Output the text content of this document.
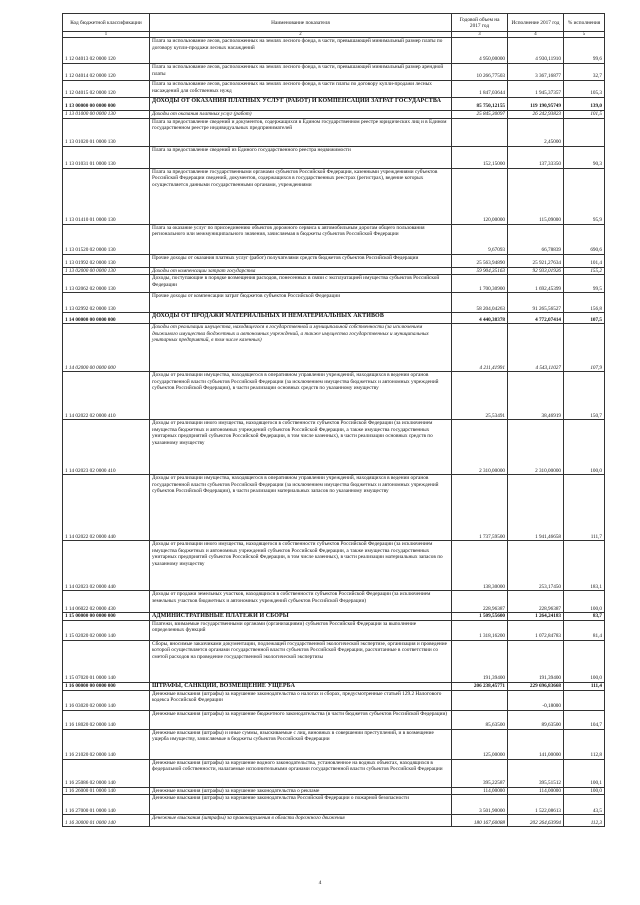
Код бюджетной классификации	Наименование показателя	Годовой объем на 2017 год	Исполнение 2017 год	% исполнения
1	2	3	4	5
1 12 04013 02 0000 120	Плата за использование лесов, расположенных на землях лесного фонда, в части, превышающей минимальный размер платы по договору купли-продажи лесных насаждений	4 950,00000	4 930,11910	99,6
1 12 04014 02 0000 120	Плата за использование лесов, расположенных на землях лесного фонда, в части, превышающей минимальный размер арендной платы	10 266,77503	3 367,16877	32,7
1 12 04015 02 0000 120	Плата за использование лесов, расположенных на землях лесного фонда, в части платы по договору купли-продажи лесных насаждений для собственных нужд	1 847,03644	1 945,37357	105,3
1 13 00000 00 0000 000	ДОХОДЫ ОТ ОКАЗАНИЯ ПЛАТНЫХ УСЛУГ (РАБОТ) И КОМПЕНСАЦИИ ЗАТРАТ ГОСУДАРСТВА	85 750,12155	119 190,95749	139,0
1 13 01000 00 0000 130	Доходы от оказания платных услуг (работ)	25 845,30097	26 242,93823	101,5
1 13 01020 01 0000 130	Плата за предоставление сведений и документов, содержащихся в Едином государственном реестре юридических лиц и в Едином государственном реестре индивидуальных предпринимателей		2,45000	
1 13 01031 01 0000 130	Плата за предоставление сведений из Единого государственного реестра недвижимости	152,15000	137,33350	90,3
1 13 01410 01 0000 130	Плата за предоставление государственными органами субъектов Российской Федерации, казенными учреждениями субъектов Российской Федерации сведений, документов, содержащихся в государственных реестрах (регистрах), ведение которых осуществляется данными государственными органами, учреждениями	120,00000	115,09000	95,9
1 13 01520 02 0000 130	Плата за оказание услуг по присоединению объектов дорожного сервиса к автомобильным дорогам общего пользования регионального или межмуниципального значения, зачисляемая в бюджеты субъектов Российской Федерации	9,67093	66,78839	690,6
1 13 01992 02 0000 130	Прочие доходы от оказания платных услуг (работ) получателями средств бюджетов субъектов Российской Федерации	25 563,94890	25 921,27634	101,4
1 13 02000 00 0000 130	Доходы от компенсации затрат государства	59 904,35163	92 933,01926	155,2
1 13 02062 02 0000 130	Доходы, поступающие в порядке возмещения расходов, понесенных в связи с эксплуатацией имущества субъектов Российской Федерации	1 700,30900	1 692,45399	99,5
1 13 02992 02 0000 130	Прочие доходы от компенсации затрат бюджетов субъектов Российской Федерации	58 204,04263	91 265,56527	156,8
1 14 00000 00 0000 000	ДОХОДЫ ОТ ПРОДАЖИ МАТЕРИАЛЬНЫХ И НЕМАТЕРИАЛЬНЫХ АКТИВОВ	4 440,38378	4 772,07414	107,5
1 14 02000 00 0000 000	Доходы от реализации имущества, находящегося в государственной и муниципальной собственности (за исключением движимого имущества бюджетных и автономных учреждений, а также имущества государственных и муниципальных унитарных предприятий, в том числе казенных)	4 211,41991	4 543,11027	107,9
1 14 02022 02 0000 410	Доходы от реализации имущества, находящегося в оперативном управлении учреждений, находящихся в ведении органов государственной власти субъектов Российской Федерации (за исключением имущества бюджетных и автономных учреждений субъектов Российской Федерации), в части реализации основных средств по указанному имуществу	25,53491	38,46919	150,7
1 14 02023 02 0000 410	Доходы от реализации иного имущества, находящегося в собственности субъектов Российской Федерации (за исключением имущества бюджетных и автономных учреждений субъектов Российской Федерации, а также имущества государственных унитарных предприятий субъектов Российской Федерации, в том числе казенных), в части реализации основных средств по указанному имуществу	2 310,00000	2 310,00000	100,0
1 14 02022 02 0000 440	Доходы от реализации имущества, находящегося в оперативном управлении учреждений, находящихся в ведении органов государственной власти субъектов Российской Федерации (за исключением имущества бюджетных и автономных учреждений субъектов Российской Федерации), в части реализации материальных запасов по указанному имуществу	1 737,59500	1 941,46658	111,7
1 14 02023 02 0000 440	Доходы от реализации иного имущества, находящегося в собственности субъектов Российской Федерации (за исключением имущества бюджетных и автономных учреждений субъектов Российской Федерации, а также имущества государственных унитарных предприятий субъектов Российской Федерации, в том числе казенных), в части реализации материальных запасов по указанному имуществу	138,30000	253,17450	183,1
1 14 06022 02 0000 430	Доходы от продажи земельных участков, находящихся в собственности субъектов Российской Федерации (за исключением земельных участков бюджетных и автономных учреждений субъектов Российской Федерации)	228,96387	228,96387	100,0
1 15 00000 00 0000 000	АДМИНИСТРАТИВНЫЕ ПЛАТЕЖИ И СБОРЫ	1 509,55600	1 264,24183	83,7
1 15 02020 02 0000 140	Платежи, взимаемые государственными органами (организациями) субъектов Российской Федерации за выполнение определенных функций	1 318,16200	1 072,84783	81,4
1 15 07020 01 0000 140	Сборы, вносимые заказчиками документации, подлежащей государственной экологической экспертизе, организация и проведение которой осуществляется органами государственной власти субъектов Российской Федерации, рассчитанные в соответствии со сметой расходов на проведение государственной экологической экспертизы	191,39400	191,39400	100,0
1 16 00000 00 0000 000	ШТРАФЫ, САНКЦИИ, ВОЗМЕЩЕНИЕ УЩЕРБА	206 238,45771	229 696,83668	111,4
1 16 03020 02 0000 140	Денежные взыскания (штрафы) за нарушение законодательства о налогах и сборах, предусмотренные статьей 129.2 Налогового кодекса Российской Федерации		-0,18000	
1 16 18020 02 0000 140	Денежные взыскания (штрафы) за нарушение бюджетного законодательства (в части бюджетов субъектов Российской Федерации)	85,63500	89,63500	104,7
1 16 21020 02 0000 140	Денежные взыскания (штрафы) и иные суммы, взыскиваемые с лиц, виновных в совершении преступлений, и в возмещение ущерба имуществу, зачисляемые в бюджеты субъектов Российской Федерации	125,00000	141,00000	112,8
1 16 25086 02 0000 140	Денежные взыскания (штрафы) за нарушение водного законодательства, установленное на водных объектах, находящихся в федеральной собственности, налагаемые исполнительными органами государственной власти субъектов Российской Федерации	395,22587	395,51512	100,1
1 16 26000 01 0000 140	Денежные взыскания (штрафы) за нарушение законодательства о рекламе	114,00000	114,00000	100,0
1 16 27000 01 0000 140	Денежные взыскания (штрафы) за нарушение законодательства Российской Федерации о пожарной безопасности	3 501,90000	1 522,08613	43,5
1 16 30000 01 0000 140	Денежные взыскания (штрафы) за правонарушения в области дорожного движения	180 167,60088	202 264,63994	112,3
4
